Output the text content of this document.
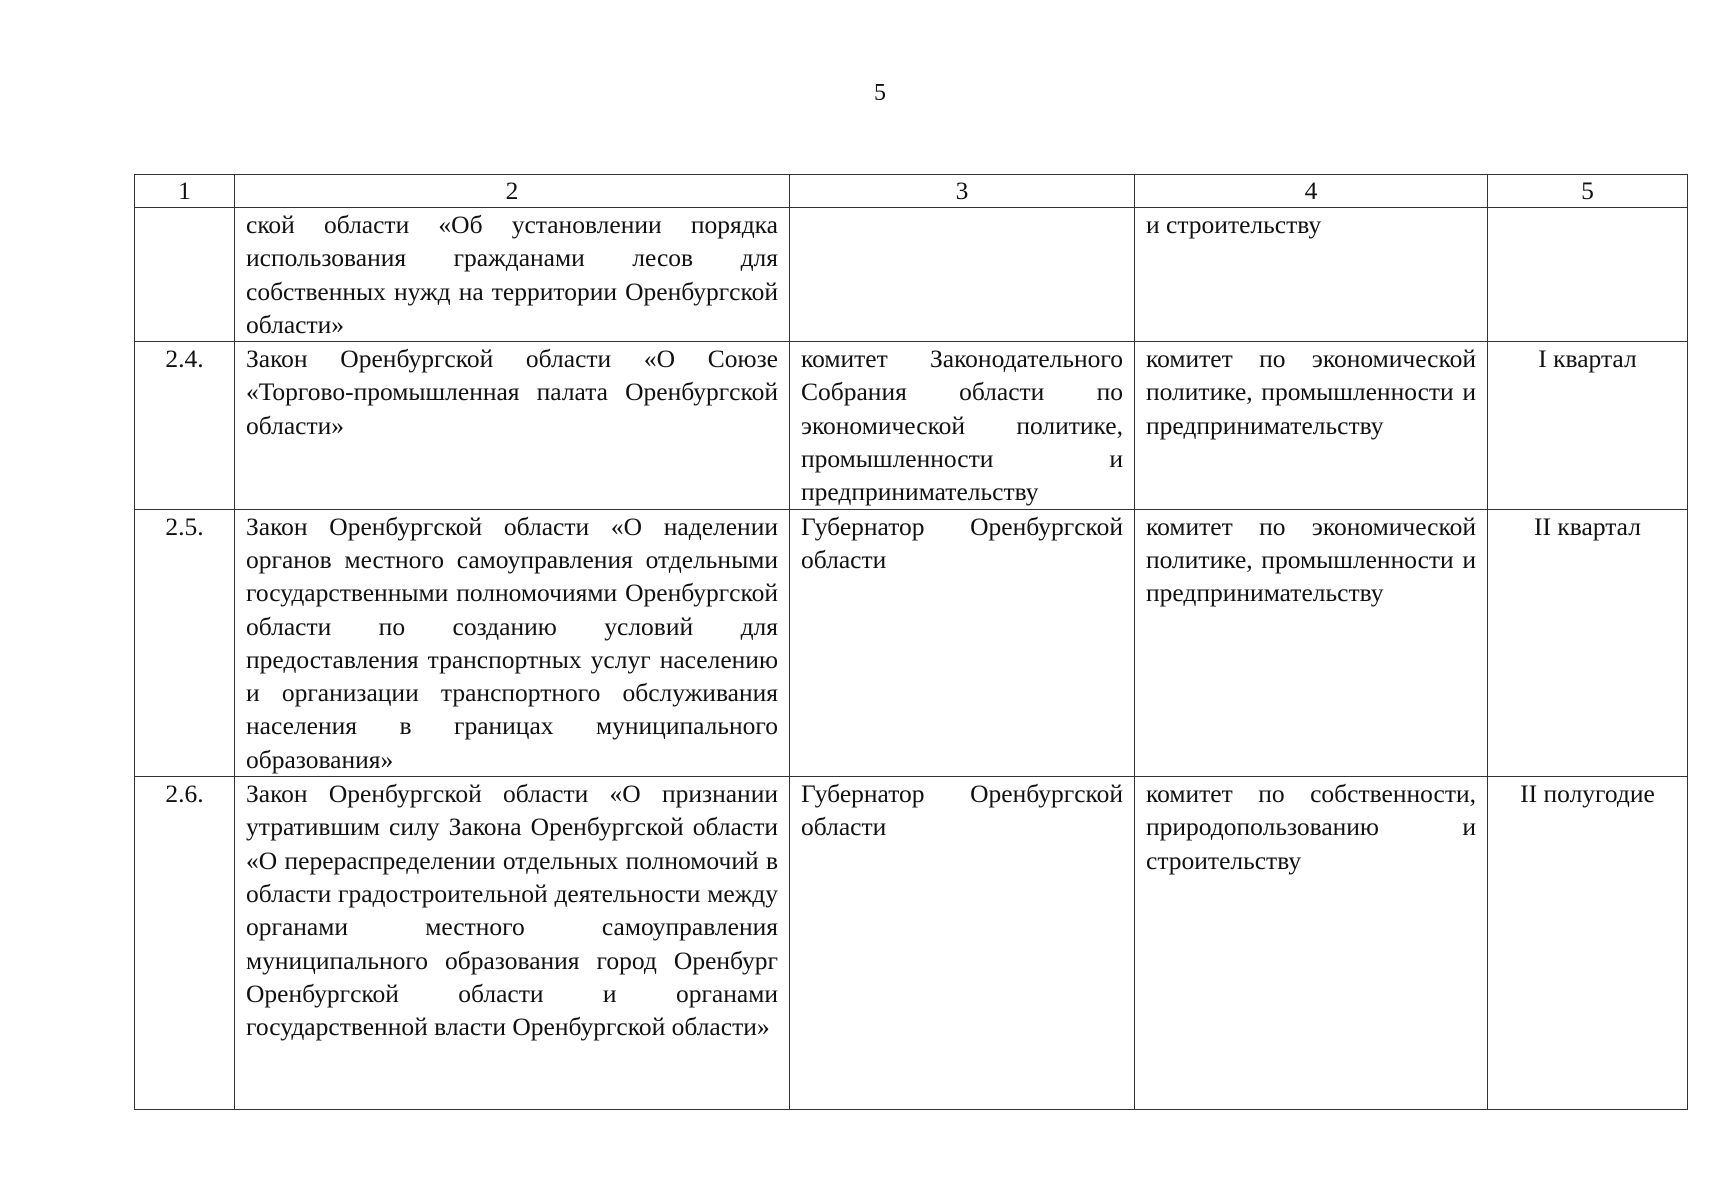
5
1	2	3	4	5
	ской области «Об установлении порядка использования гражданами лесов для собственных нужд на территории Оренбургской области»		и строительству	
2.4.	Закон Оренбургской области «О Союзе «Торгово-промышленная палата Оренбургской области»	комитет Законодательного Собрания области по экономической политике, промышленности и предпринимательству	комитет по экономической политике, промышленности и предпринимательству	I квартал
2.5.	Закон Оренбургской области «О наделении органов местного самоуправления отдельными государственными полномочиями Оренбургской области по созданию условий для предоставления транспортных услуг населению и организации транспортного обслуживания населения в границах муниципального образования»	Губернатор Оренбургской области	комитет по экономической политике, промышленности и предпринимательству	II квартал
2.6.	Закон Оренбургской области «О признании утратившим силу Закона Оренбургской области «О перераспределении отдельных полномочий в области градостроительной деятельности между органами местного самоуправления муниципального образования город Оренбург Оренбургской области и органами государственной власти Оренбургской области»	Губернатор Оренбургской области	комитет по собственности, природопользованию и строительству	II полугодие
